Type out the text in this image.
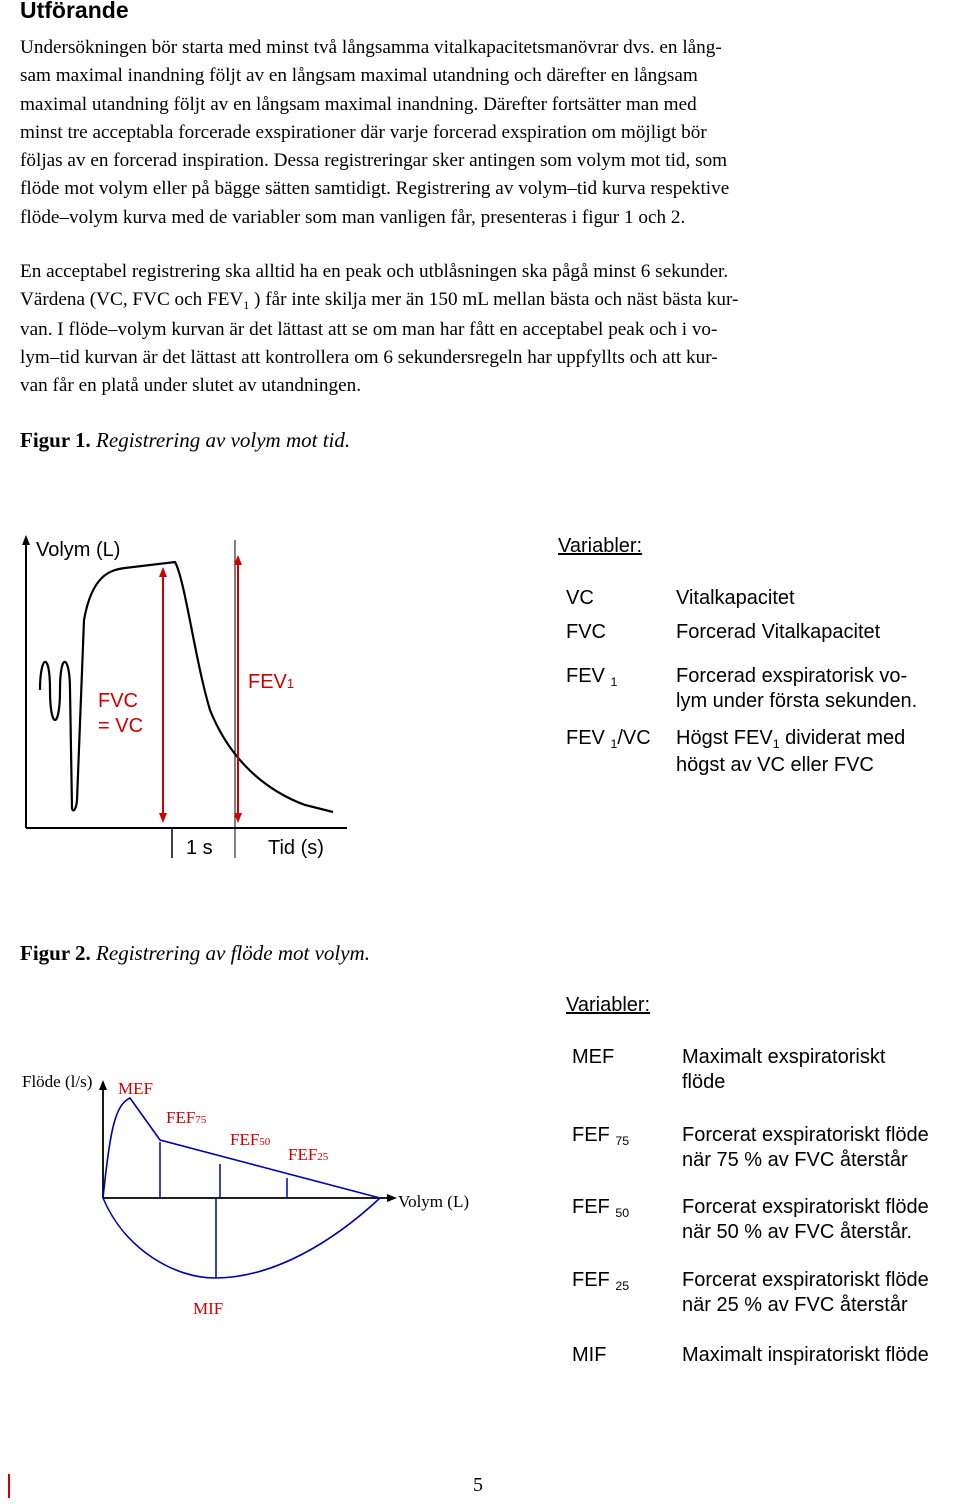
Utförande
Undersökningen bör starta med minst två långsamma vitalkapacitetsmanövrar dvs. en lång-
sam maximal inandning följt av en långsam maximal utandning och därefter en långsam
maximal utandning följt av en långsam maximal inandning. Därefter fortsätter man med
minst tre acceptabla forcerade exspirationer där varje forcerad exspiration om möjligt bör
följas av en forcerad inspiration. Dessa registreringar sker antingen som volym mot tid, som
flöde mot volym eller på bägge sätten samtidigt. Registrering av volym–tid kurva respektive
flöde–volym kurva med de variabler som man vanligen får, presenteras i figur 1 och 2.
En acceptabel registrering ska alltid ha en peak och utblåsningen ska pågå minst 6 sekunder.
Värdena (VC, FVC och $FEV_1$ ) får inte skilja mer än 150 mL mellan bästa och näst bästa kur-
van. I flöde–volym kurvan är det lättast att se om man har fått en acceptabel peak och i vo-
lym–tid kurvan är det lättast att kontrollera om 6 sekundersregeln har uppfyllts och att kur-
van får en platå under slutet av utandningen.
Figur 1. Registrering av volym mot tid.
Volym (L)
FVC
= VC
FEV1
1 s	Tid (s)
Variabler:
VC	Vitalkapacitet
FVC	Forcerad Vitalkapacitet
FEV $_1$	Forcerad exspiratorisk vo-
lym under första sekunden.
FEV $_1$/VC Högst $FEV_1$ dividerat med
högst av VC eller FVC
Figur 2. Registrering av flöde mot volym.
Flöde (l/s) MEF
FEF75
FEF50
FEF25
MIF
Volym (L)
Variabler:
MEF	Maximalt exspiratoriskt
flöde
FEF $_{75}$	Forcerat exspiratoriskt flöde
när 75 % av FVC återstår
FEF $_{50}$	Forcerat exspiratoriskt flöde
när 50 % av FVC återstår.
FEF $_{25}$	Forcerat exspiratoriskt flöde
när 25 % av FVC återstår
MIF	Maximalt inspiratoriskt flöde
5
